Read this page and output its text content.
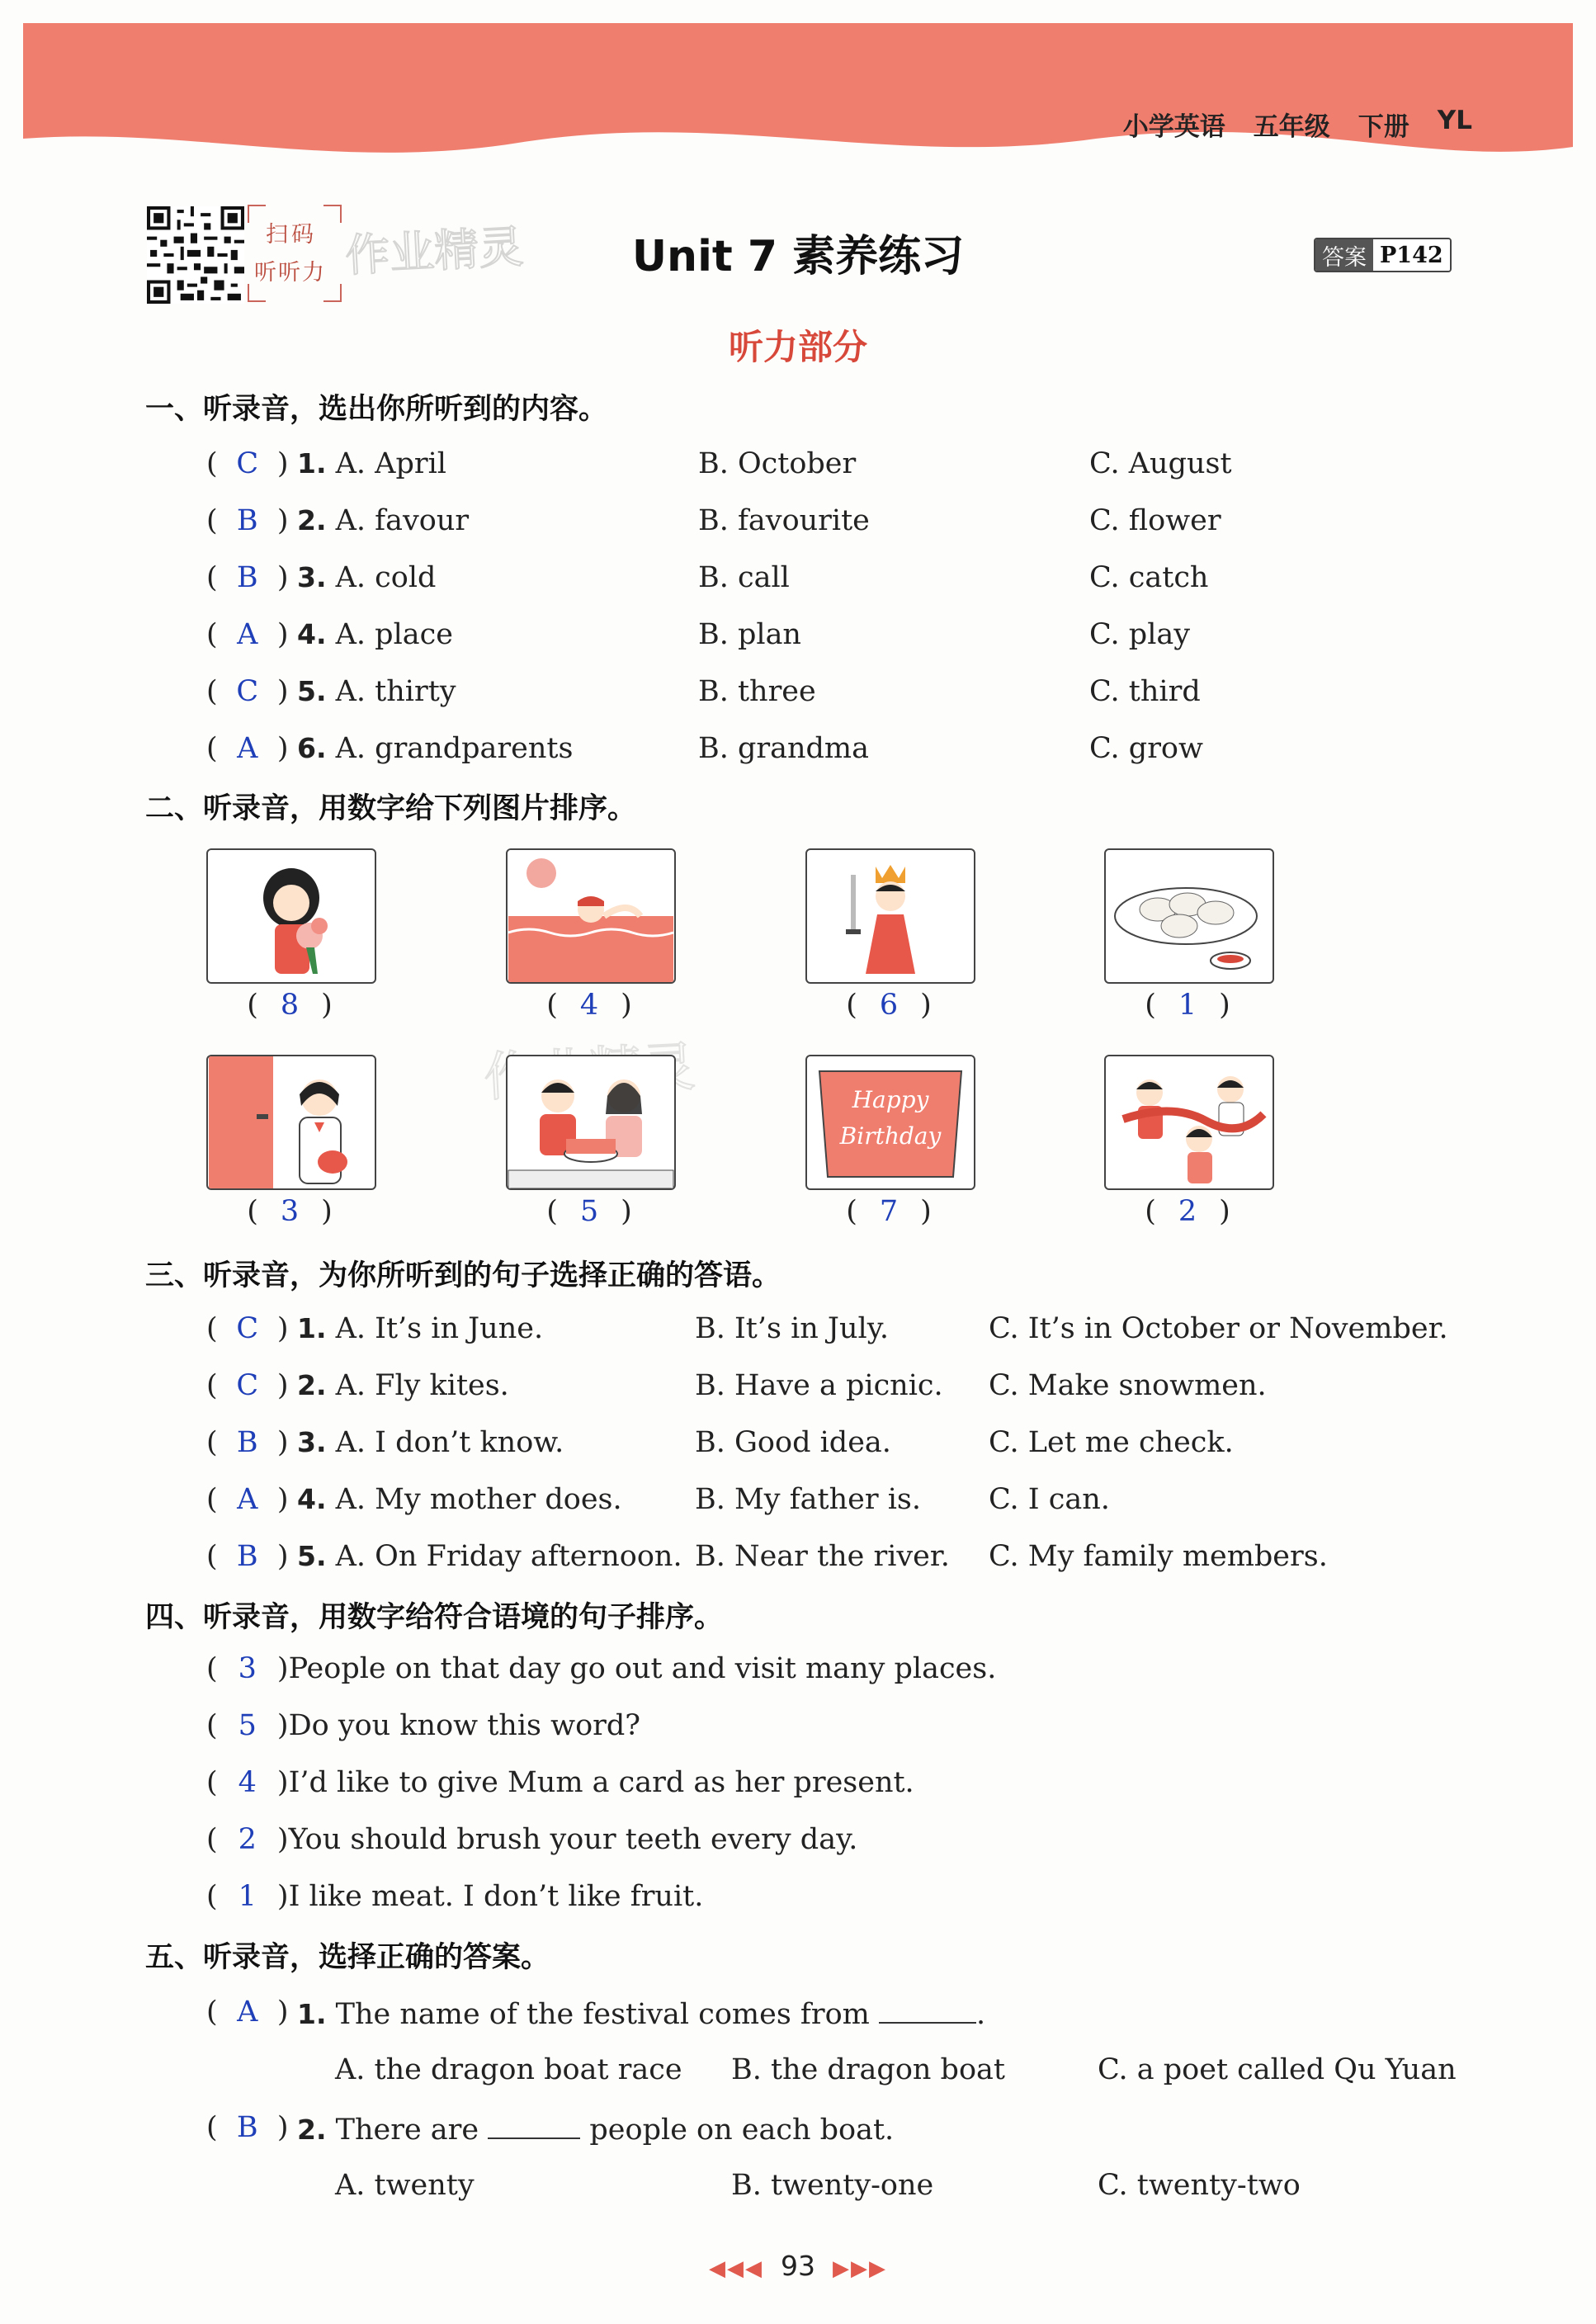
小学英语 五年级 下册 YL
扫码
听听力 作业精灵	Unit 7 素养练习	答案 P142
听力部分
一、听录音，选出你所听到的内容。
( C ) 1. A. April	B. October	C. August
( B ) 2. A. favour	B. favourite	C. flower
( B ) 3. A. cold	B. call	C. catch
( A ) 4. A. place	B. plan	C. play
( C ) 5. A. thirty	B. three	C. third
( A ) 6. A. grandparents	B. grandma	C. grow
二、听录音，用数字给下列图片排序。
( 8 )	( 4 )	( 6 )	( 1 )
Happy
Birthday
( 3 )	( 5 )	( 7 )	( 2 )
三、听录音，为你所听到的句子选择正确的答语。
( C ) 1. A. It’s in June.	B. It’s in July.	C. It’s in October or November.
( C ) 2. A. Fly kites.	B. Have a picnic. C. Make snowmen.
( B ) 3. A. I don’t know.	B. Good idea.	C. Let me check.
( A ) 4. A. My mother does.	B. My father is. C. I can.
( B ) 5. A. On Friday afternoon. B. Near the river. C. My family members.
四、听录音，用数字给符合语境的句子排序。
( 3 )People on that day go out and visit many places.
( 5 )Do you know this word?
( 4 )I’d like to give Mum a card as her present.
( 2 )You should brush your teeth every day.
( 1 )I like meat. I don’t like fruit.
五、听录音，选择正确的答案。
( A ) 1. The name of the festival comes from	.
A. the dragon boat race B. the dragon boat	C. a poet called Qu Yuan
( B ) 2. There are	people on each boat.
A. twenty	B. twenty-one	C. twenty-two
◀◀◀ 93 ▶▶▶
